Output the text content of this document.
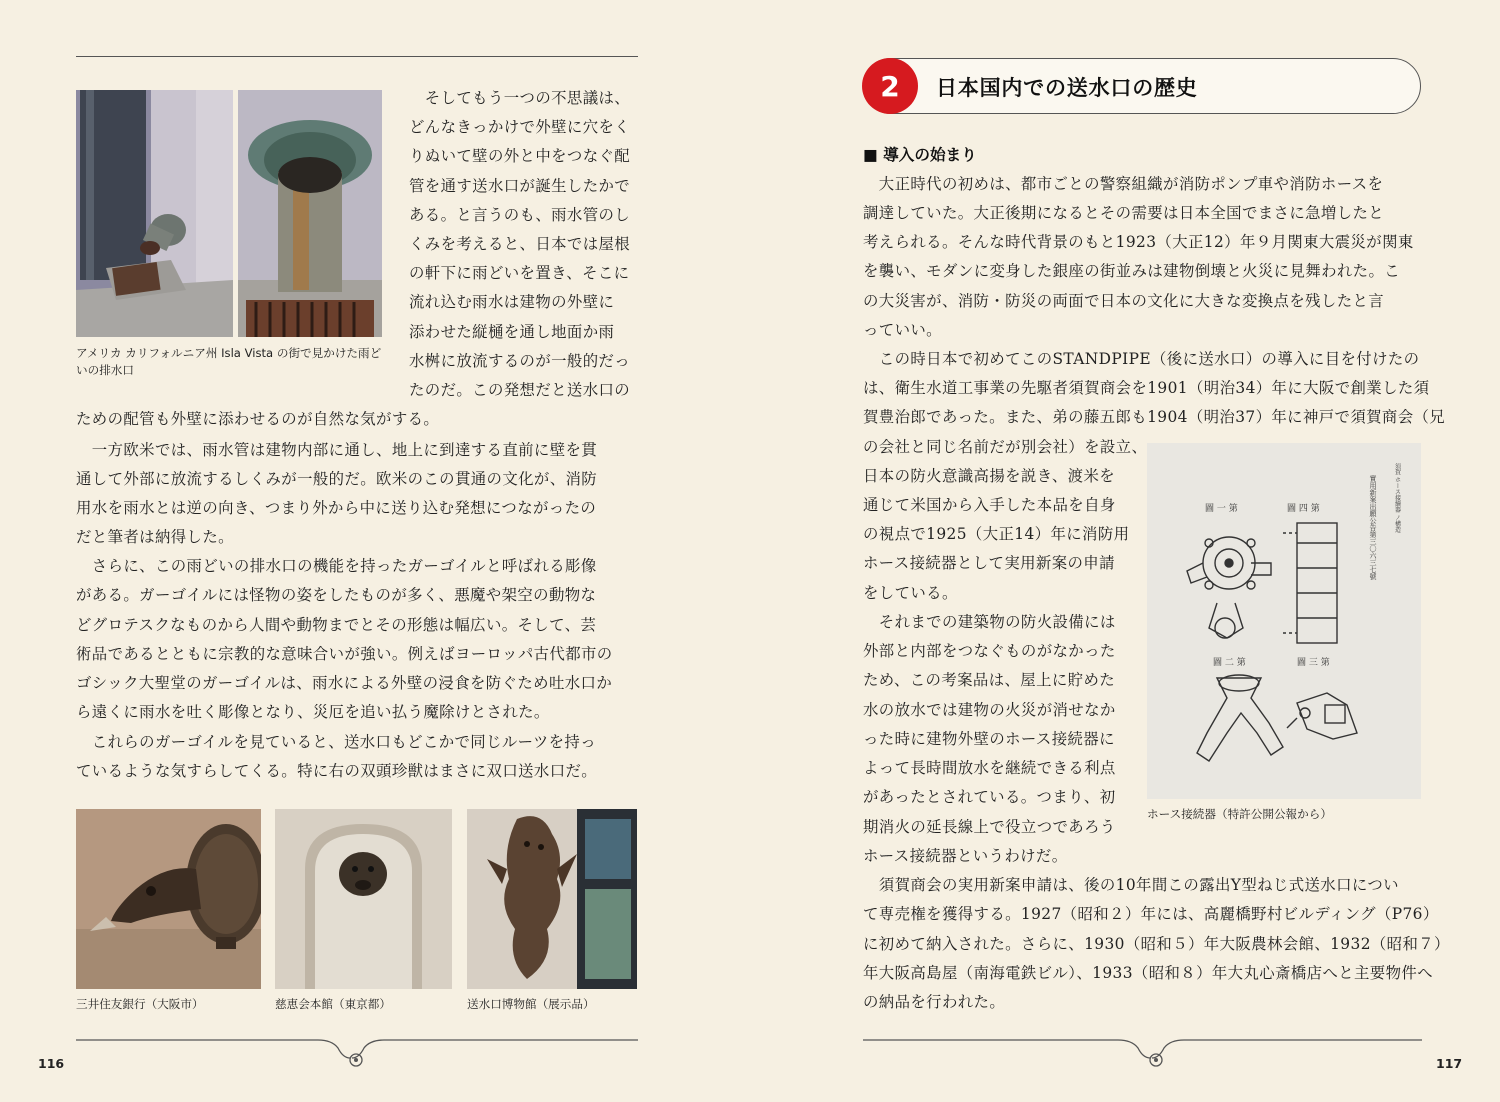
アメリカ カリフォルニア州 Isla Vista の街で見かけた雨どいの排水口

　そしてもう一つの不思議は、

どんなきっかけで外壁に穴をく

りぬいて壁の外と中をつなぐ配

管を通す送水口が誕生したかで

ある。と言うのも、雨水管のし

くみを考えると、日本では屋根

の軒下に雨どいを置き、そこに

流れ込む雨水は建物の外壁に

添わせた縦樋を通し地面か雨

水桝に放流するのが一般的だっ

たのだ。この発想だと送水口の

ための配管も外壁に添わせるのが自然な気がする。

　一方欧米では、雨水管は建物内部に通し、地上に到達する直前に壁を貫

通して外部に放流するしくみが一般的だ。欧米のこの貫通の文化が、消防

用水を雨水とは逆の向き、つまり外から中に送り込む発想につながったの

だと筆者は納得した。

　さらに、この雨どいの排水口の機能を持ったガーゴイルと呼ばれる彫像

がある。ガーゴイルには怪物の姿をしたものが多く、悪魔や架空の動物な

どグロテスクなものから人間や動物までとその形態は幅広い。そして、芸

術品であるとともに宗教的な意味合いが強い。例えばヨーロッパ古代都市の

ゴシック大聖堂のガーゴイルは、雨水による外壁の浸食を防ぐため吐水口か

ら遠くに雨水を吐く彫像となり、災厄を追い払う魔除けとされた。

　これらのガーゴイルを見ていると、送水口もどこかで同じルーツを持っ

ているような気すらしてくる。特に右の双頭珍獣はまさに双口送水口だ。

三井住友銀行（大阪市）	慈恵会本館（東京都）	送水口博物館（展示品）
116
2	日本国内での送水口の歴史
■ 導入の始まり

　大正時代の初めは、都市ごとの警察組織が消防ポンプ車や消防ホースを

調達していた。大正後期になるとその需要は日本全国でまさに急増したと

考えられる。そんな時代背景のもと1923（大正12）年９月関東大震災が関東

を襲い、モダンに変身した銀座の街並みは建物倒壊と火災に見舞われた。こ

の大災害が、消防・防災の両面で日本の文化に大きな変換点を残したと言

っていい。

　この時日本で初めてこのSTANDPIPE（後に送水口）の導入に目を付けたの

は、衛生水道工事業の先駆者須賀商会を1901（明治34）年に大阪で創業した須

賀豊治郎であった。また、弟の藤五郎も1904（明治37）年に神戸で須賀商会（兄

の会社と同じ名前だが別会社）を設立、

日本の防火意識高揚を説き、渡米を

通じて米国から入手した本品を自身

の視点で1925（大正14）年に消防用

ホース接続器として実用新案の申請

をしている。

　それまでの建築物の防火設備には

外部と内部をつなぐものがなかった

ため、この考案品は、屋上に貯めた

水の放水では建物の火災が消せなか

った時に建物外壁のホース接続器に

よって長時間放水を継続できる利点

があったとされている。つまり、初

期消火の延長線上で役立つであろう

ホース接続器というわけだ。

　須賀商会の実用新案申請は、後の10年間この露出Y型ねじ式送水口につい

て専売権を獲得する。1927（昭和２）年には、高麗橋野村ビルディング（P76）

に初めて納入された。さらに、1930（昭和５）年大阪農林会館、1932（昭和７）

年大阪高島屋（南海電鉄ビル）、1933（昭和８）年大丸心斎橋店へと主要物件へ

の納品を行われた。

圖 一 第	圖 四 第
圖 二 第	圖 三 第
實用新案出願公告第三〇六三七號	須賀 ホース接續器 ノ構造
ホース接続器（特許公開公報から）
117
